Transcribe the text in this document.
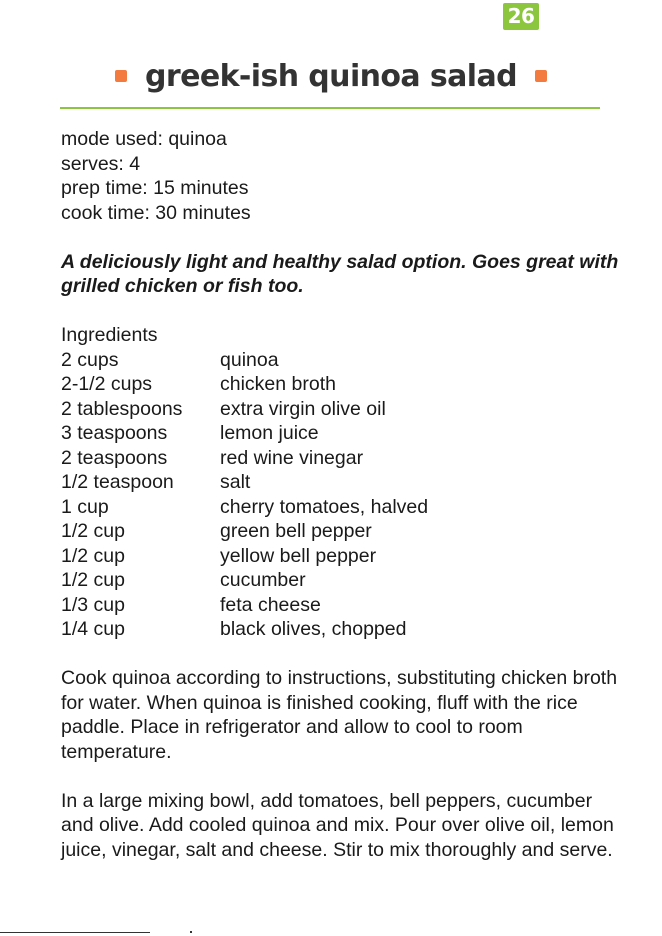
26
greek-ish quinoa salad
mode used: quinoa
serves: 4
prep time: 15 minutes
cook time: 30 minutes
A deliciously light and healthy salad option. Goes great with grilled chicken or fish too.
Ingredients
2 cups	quinoa
2-1/2 cups	chicken broth
2 tablespoons	extra virgin olive oil
3 teaspoons	lemon juice
2 teaspoons	red wine vinegar
1/2 teaspoon	salt
1 cup	cherry tomatoes, halved
1/2 cup	green bell pepper
1/2 cup	yellow bell pepper
1/2 cup	cucumber
1/3 cup	feta cheese
1/4 cup	black olives, chopped

Cook quinoa according to instructions, substituting chicken broth for water. When quinoa is finished cooking, fluff with the rice paddle. Place in refrigerator and allow to cool to room temperature.

In a large mixing bowl, add tomatoes, bell peppers, cucumber and olive. Add cooled quinoa and mix. Pour over olive oil, lemon juice, vinegar, salt and cheese. Stir to mix thoroughly and serve.
